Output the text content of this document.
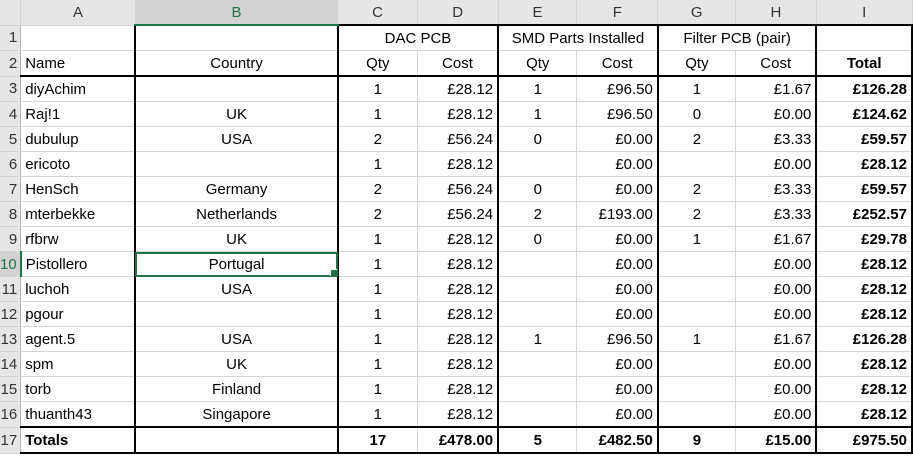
	A	B	C	D	E	F	G	H	I
1			DAC PCB		SMD Parts Installed		Filter PCB (pair)		
2	Name	Country	Qty	Cost	Qty	Cost	Qty	Cost	Total
3	diyAchim		1	£28.12	1	£96.50	1	£1.67	£126.28
4	Raj!1	UK	1	£28.12	1	£96.50	0	£0.00	£124.62
5	dubulup	USA	2	£56.24	0	£0.00	2	£3.33	£59.57
6	ericoto		1	£28.12		£0.00		£0.00	£28.12
7	HenSch	Germany	2	£56.24	0	£0.00	2	£3.33	£59.57
8	mterbekke	Netherlands	2	£56.24	2	£193.00	2	£3.33	£252.57
9	rfbrw	UK	1	£28.12	0	£0.00	1	£1.67	£29.78
10	Pistollero	Portugal	1	£28.12		£0.00		£0.00	£28.12
11	luchoh	USA	1	£28.12		£0.00		£0.00	£28.12
12	pgour		1	£28.12		£0.00		£0.00	£28.12
13	agent.5	USA	1	£28.12	1	£96.50	1	£1.67	£126.28
14	spm	UK	1	£28.12		£0.00		£0.00	£28.12
15	torb	Finland	1	£28.12		£0.00		£0.00	£28.12
16	thuanth43	Singapore	1	£28.12		£0.00		£0.00	£28.12
17	Totals		17	£478.00	5	£482.50	9	£15.00	£975.50
